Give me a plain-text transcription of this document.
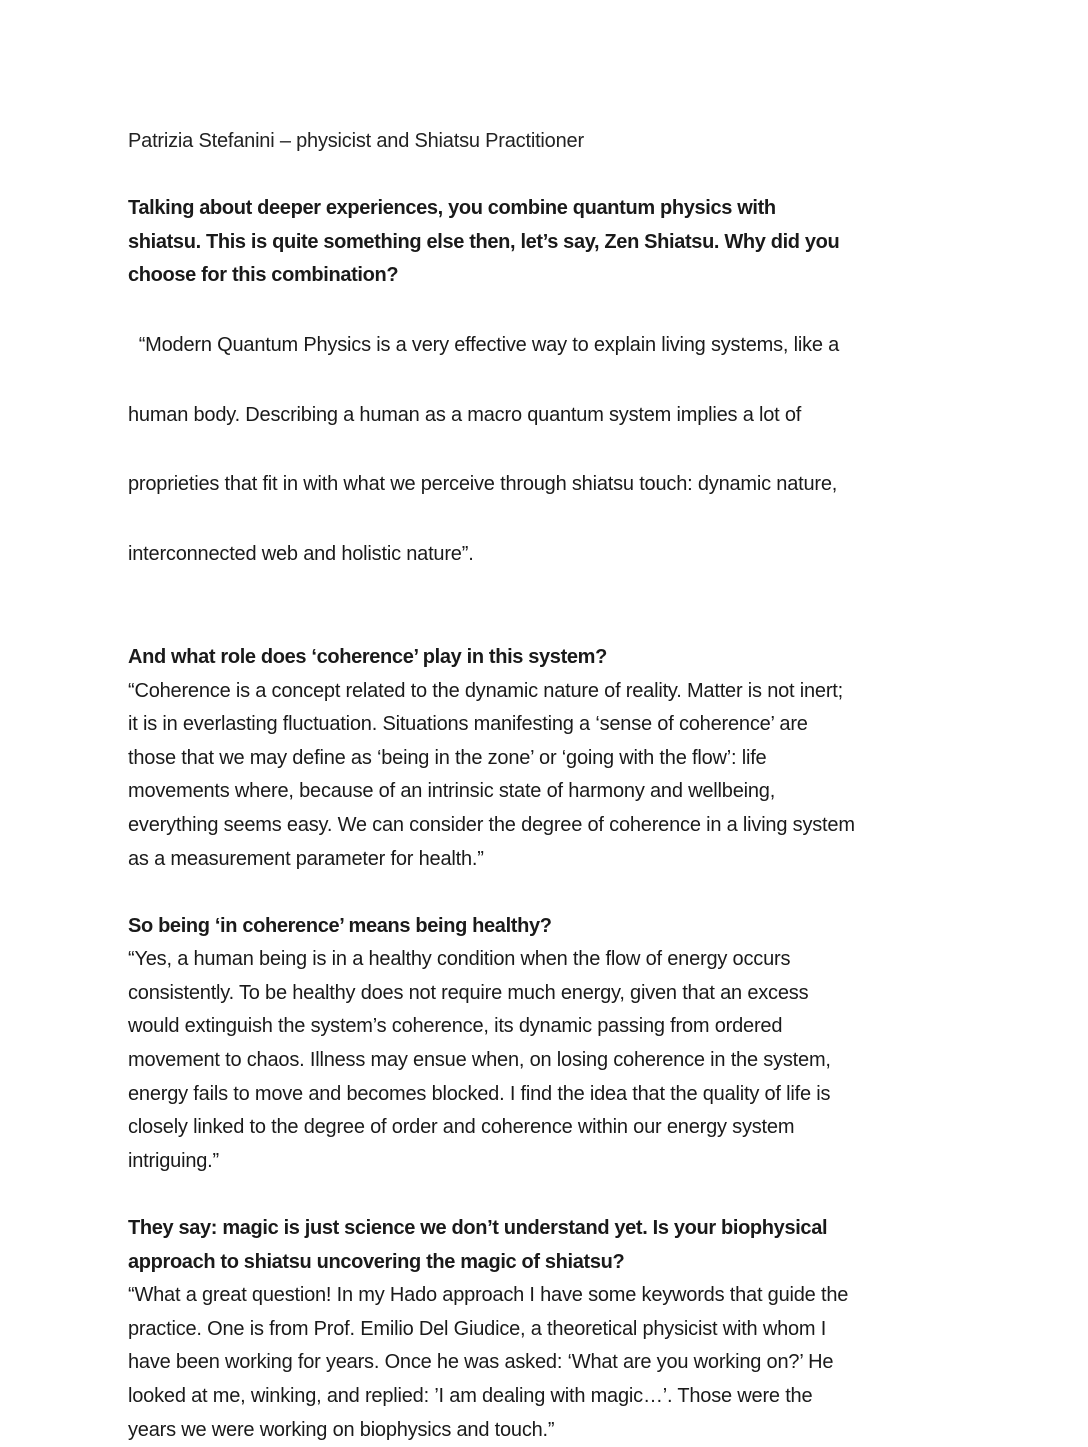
Patrizia Stefanini – physicist and Shiatsu Practitioner
Talking about deeper experiences, you combine quantum physics with
shiatsu. This is quite something else then, let’s say, Zen Shiatsu. Why did you
choose for this combination?

“Modern Quantum Physics is a very effective way to explain living systems, like a

human body. Describing a human as a macro quantum system implies a lot of

proprieties that fit in with what we perceive through shiatsu touch: dynamic nature,

interconnected web and holistic nature”.

And what role does ‘coherence’ play in this system?
“Coherence is a concept related to the dynamic nature of reality. Matter is not inert;
it is in everlasting fluctuation. Situations manifesting a ‘sense of coherence’ are
those that we may define as ‘being in the zone’ or ‘going with the flow’: life
movements where, because of an intrinsic state of harmony and wellbeing,
everything seems easy. We can consider the degree of coherence in a living system
as a measurement parameter for health.”
So being ‘in coherence’ means being healthy?
“Yes, a human being is in a healthy condition when the flow of energy occurs
consistently. To be healthy does not require much energy, given that an excess
would extinguish the system’s coherence, its dynamic passing from ordered
movement to chaos. Illness may ensue when, on losing coherence in the system,
energy fails to move and becomes blocked. I find the idea that the quality of life is
closely linked to the degree of order and coherence within our energy system
intriguing.”
They say: magic is just science we don’t understand yet. Is your biophysical
approach to shiatsu uncovering the magic of shiatsu?
“What a great question! In my Hado approach I have some keywords that guide the
practice. One is from Prof. Emilio Del Giudice, a theoretical physicist with whom I
have been working for years. Once he was asked: ‘What are you working on?’ He
looked at me, winking, and replied: ’I am dealing with magic…’. Those were the
years we were working on biophysics and touch.”
